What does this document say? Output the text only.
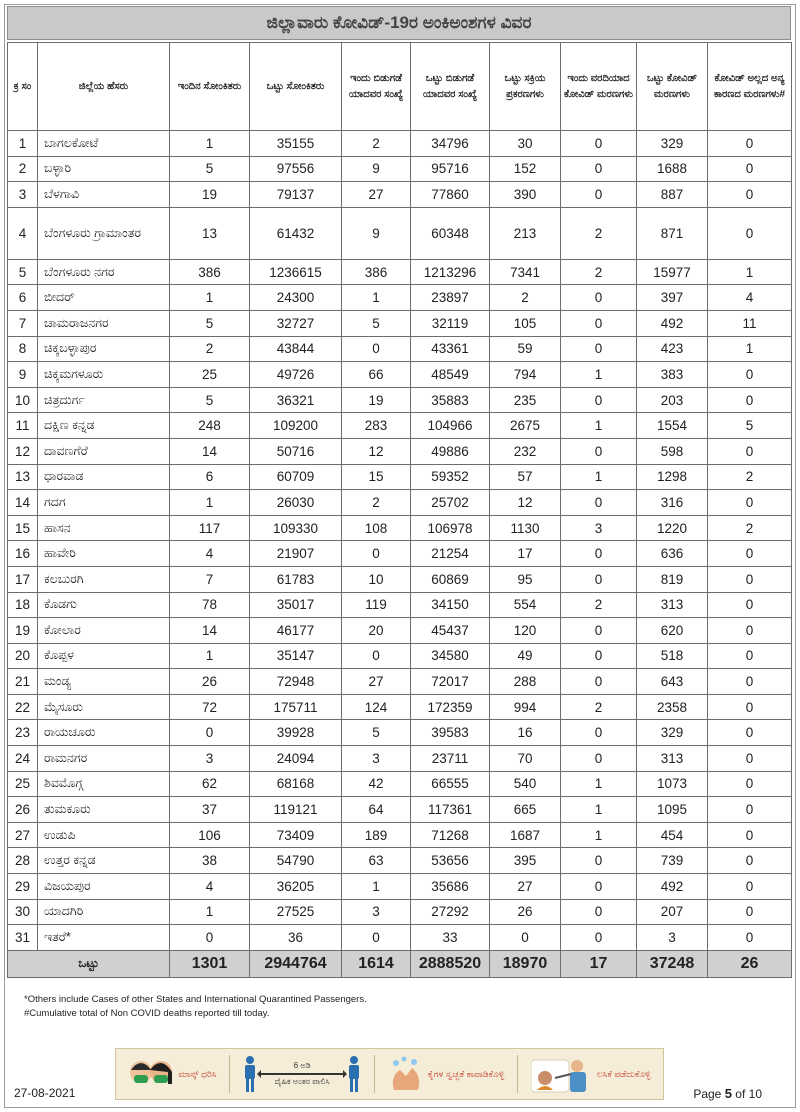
ಜಿಲ್ಲಾವಾರು ಕೋವಿಡ್-19ರ ಅಂಕಿಅಂಶಗಳ ವಿವರ
ಕ್ರ ಸಂ	ಜಿಲ್ಲೆಯ ಹೆಸರು	ಇಂದಿನ ಸೋಂಕಿತರು	ಒಟ್ಟು ಸೋಂಕಿತರು	ಇಂದು ಬಿಡುಗಡೆ ಯಾದವರ ಸಂಖ್ಯೆ	ಒಟ್ಟು ಬಿಡುಗಡೆ ಯಾದವರ ಸಂಖ್ಯೆ	ಒಟ್ಟು ಸಕ್ರಿಯ ಪ್ರಕರಣಗಳು	ಇಂದು ವರದಿಯಾದ ಕೋವಿಡ್ ಮರಣಗಳು	ಒಟ್ಟು ಕೋವಿಡ್ ಮರಣಗಳು	ಕೋವಿಡ್ ಅಲ್ಲದ ಅನ್ಯ ಕಾರಣದ ಮರಣಗಳು#
1	ಬಾಗಲಕೋಟೆ	1	35155	2	34796	30	0	329	0
2	ಬಳ್ಳಾರಿ	5	97556	9	95716	152	0	1688	0
3	ಬೆಳಗಾವಿ	19	79137	27	77860	390	0	887	0
4	ಬೆಂಗಳೂರು ಗ್ರಾಮಾಂತರ	13	61432	9	60348	213	2	871	0
5	ಬೆಂಗಳೂರು ನಗರ	386	1236615	386	1213296	7341	2	15977	1
6	ಬೀದರ್	1	24300	1	23897	2	0	397	4
7	ಚಾಮರಾಜನಗರ	5	32727	5	32119	105	0	492	11
8	ಚಿಕ್ಕಬಳ್ಳಾಪುರ	2	43844	0	43361	59	0	423	1
9	ಚಿಕ್ಕಮಗಳೂರು	25	49726	66	48549	794	1	383	0
10	ಚಿತ್ರದುರ್ಗ	5	36321	19	35883	235	0	203	0
11	ದಕ್ಷಿಣ ಕನ್ನಡ	248	109200	283	104966	2675	1	1554	5
12	ದಾವಣಗೆರೆ	14	50716	12	49886	232	0	598	0
13	ಧಾರವಾಡ	6	60709	15	59352	57	1	1298	2
14	ಗದಗ	1	26030	2	25702	12	0	316	0
15	ಹಾಸನ	117	109330	108	106978	1130	3	1220	2
16	ಹಾವೇರಿ	4	21907	0	21254	17	0	636	0
17	ಕಲಬುರಗಿ	7	61783	10	60869	95	0	819	0
18	ಕೊಡಗು	78	35017	119	34150	554	2	313	0
19	ಕೋಲಾರ	14	46177	20	45437	120	0	620	0
20	ಕೊಪ್ಪಳ	1	35147	0	34580	49	0	518	0
21	ಮಂಡ್ಯ	26	72948	27	72017	288	0	643	0
22	ಮೈಸೂರು	72	175711	124	172359	994	2	2358	0
23	ರಾಯಚೂರು	0	39928	5	39583	16	0	329	0
24	ರಾಮನಗರ	3	24094	3	23711	70	0	313	0
25	ಶಿವಮೊಗ್ಗ	62	68168	42	66555	540	1	1073	0
26	ತುಮಕೂರು	37	119121	64	117361	665	1	1095	0
27	ಉಡುಪಿ	106	73409	189	71268	1687	1	454	0
28	ಉತ್ತರ ಕನ್ನಡ	38	54790	63	53656	395	0	739	0
29	ವಿಜಯಪುರ	4	36205	1	35686	27	0	492	0
30	ಯಾದಗಿರಿ	1	27525	3	27292	26	0	207	0
31	ಇತರೆ*	0	36	0	33	0	0	3	0
ಒಟ್ಟು		1301	2944764	1614	2888520	18970	17	37248	26
*Others include Cases of other States and International Quarantined Passengers.
#Cumulative total of Non COVID deaths reported till today.
ಮಾಸ್ಕ್ ಧರಿಸಿ
6 ಅಡಿ
ದೈಹಿಕ ಅಂತರ ಪಾಲಿಸಿ
ಕೈಗಳ ಸ್ವಚ್ಛತೆ ಕಾಪಾಡಿಕೊಳ್ಳಿ	ಲಸಿಕೆ ಪಡೆದುಕೊಳ್ಳಿ
27-08-2021	Page 5 of 10
